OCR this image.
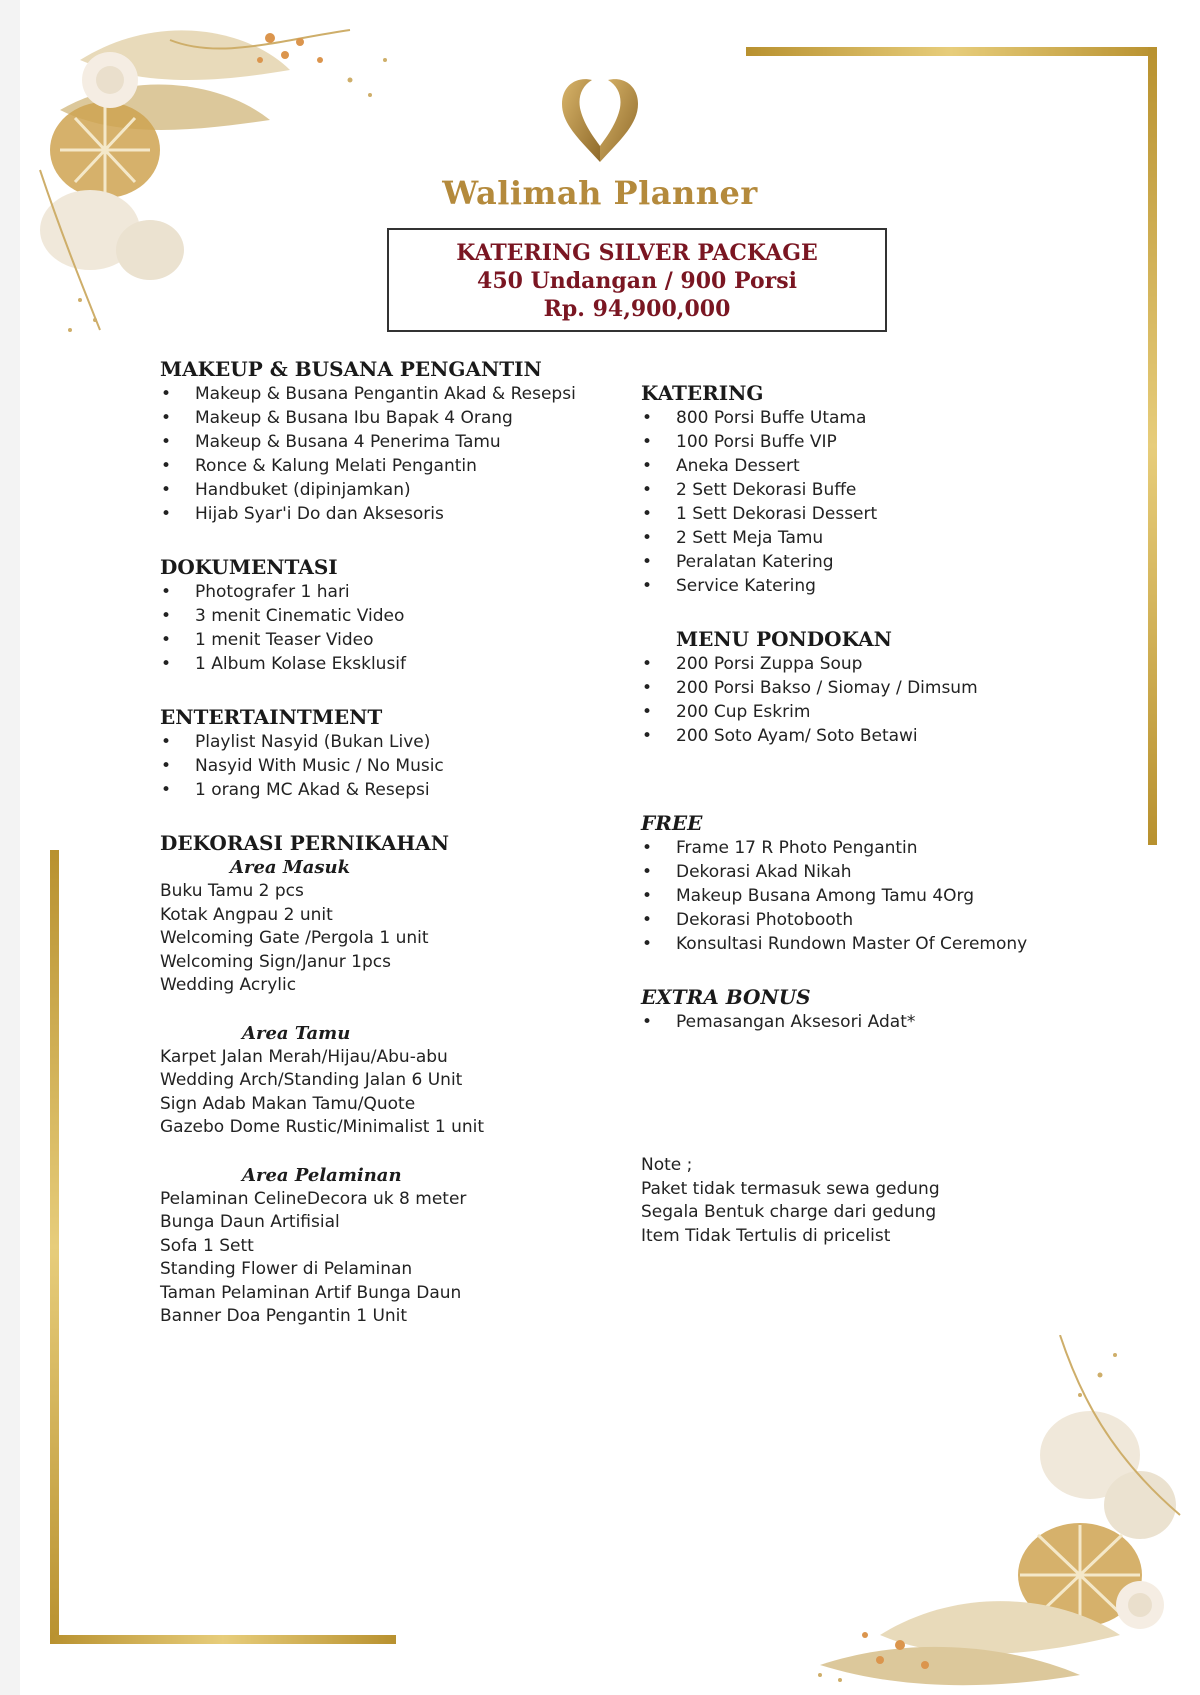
Walimah Planner
KATERING SILVER PACKAGE
450 Undangan / 900 Porsi
Rp. 94,900,000
MAKEUP & BUSANA PENGANTIN
• Makeup & Busana Pengantin Akad & Resepsi
• Makeup & Busana Ibu Bapak 4 Orang
• Makeup & Busana 4 Penerima Tamu
• Ronce & Kalung Melati Pengantin
• Handbuket (dipinjamkan)
• Hijab Syar'i Do dan Aksesoris
DOKUMENTASI
• Photografer 1 hari
• 3 menit Cinematic Video
• 1 menit Teaser Video
• 1 Album Kolase Eksklusif
ENTERTAINTMENT
• Playlist Nasyid (Bukan Live)
• Nasyid With Music / No Music
• 1 orang MC Akad & Resepsi
DEKORASI PERNIKAHAN
Area Masuk
Buku Tamu 2 pcs
Kotak Angpau 2 unit
Welcoming Gate /Pergola 1 unit
Welcoming Sign/Janur 1pcs
Wedding Acrylic
Area Tamu
Karpet Jalan Merah/Hijau/Abu-abu
Wedding Arch/Standing Jalan 6 Unit
Sign Adab Makan Tamu/Quote
Gazebo Dome Rustic/Minimalist 1 unit
Area Pelaminan
Pelaminan CelineDecora uk 8 meter
Bunga Daun Artifisial
Sofa 1 Sett
Standing Flower di Pelaminan
Taman Pelaminan Artif Bunga Daun
Banner Doa Pengantin 1 Unit
KATERING
• 800 Porsi Buffe Utama
• 100 Porsi Buffe VIP
• Aneka Dessert
• 2 Sett Dekorasi Buffe
• 1 Sett Dekorasi Dessert
• 2 Sett Meja Tamu
• Peralatan Katering
• Service Katering
MENU PONDOKAN
• 200 Porsi Zuppa Soup
• 200 Porsi Bakso / Siomay / Dimsum
• 200 Cup Eskrim
• 200 Soto Ayam/ Soto Betawi
FREE
• Frame 17 R Photo Pengantin
• Dekorasi Akad Nikah
• Makeup Busana Among Tamu 4Org
• Dekorasi Photobooth
• Konsultasi Rundown Master Of Ceremony
EXTRA BONUS
• Pemasangan Aksesori Adat*
Note ;
Paket tidak termasuk sewa gedung
Segala Bentuk charge dari gedung
Item Tidak Tertulis di pricelist
